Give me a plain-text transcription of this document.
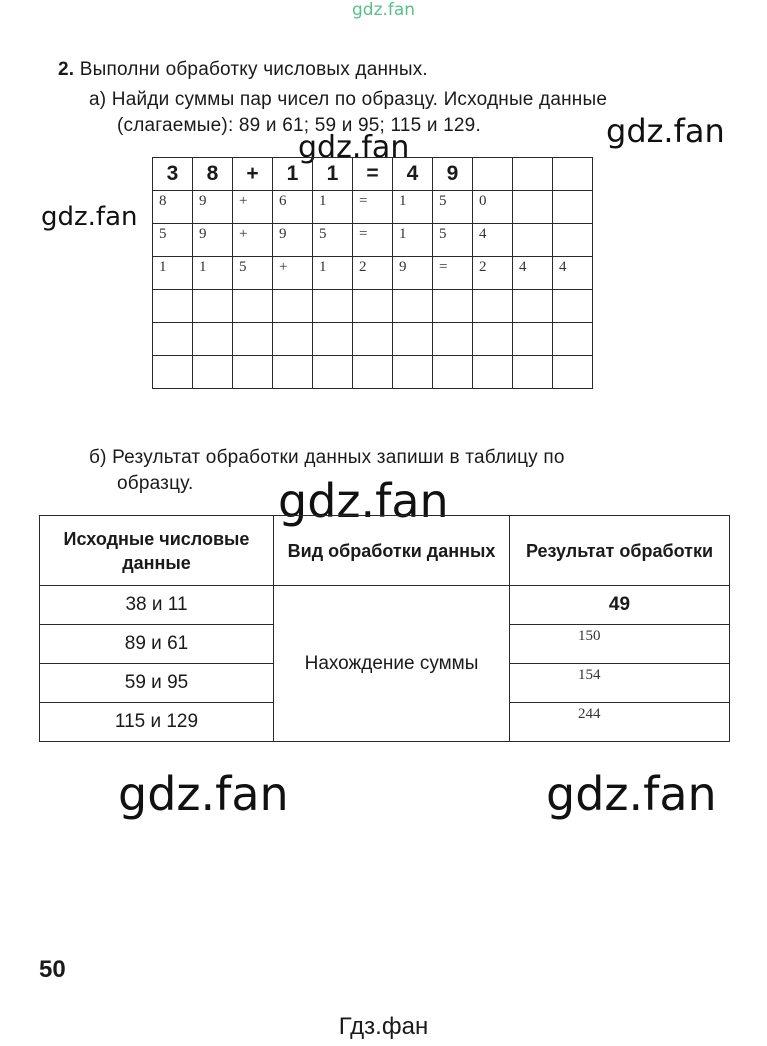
gdz.fan
gdz.fan
gdz.fan
gdz.fan
gdz.fan
gdz.fan	gdz.fan
2. Выполни обработку числовых данных.
а) Найди суммы пар чисел по образцу. Исходные данные
(слагаемые): 89 и 61; 59 и 95; 115 и 129.
3	8	+	1	1	=	4	9			
8	9	+	6	1	=	1	5	0		
5	9	+	9	5	=	1	5	4		
1	1	5	+	1	2	9	=	2	4	4

б) Результат обработки данных запиши в таблицу по
образцу.
Исходные числовые данные	Вид обработки данных	Результат обработки
38 и 11	Нахождение суммы	49
89 и 61		150
59 и 95		154
115 и 129		244
50
Гдз.фан
